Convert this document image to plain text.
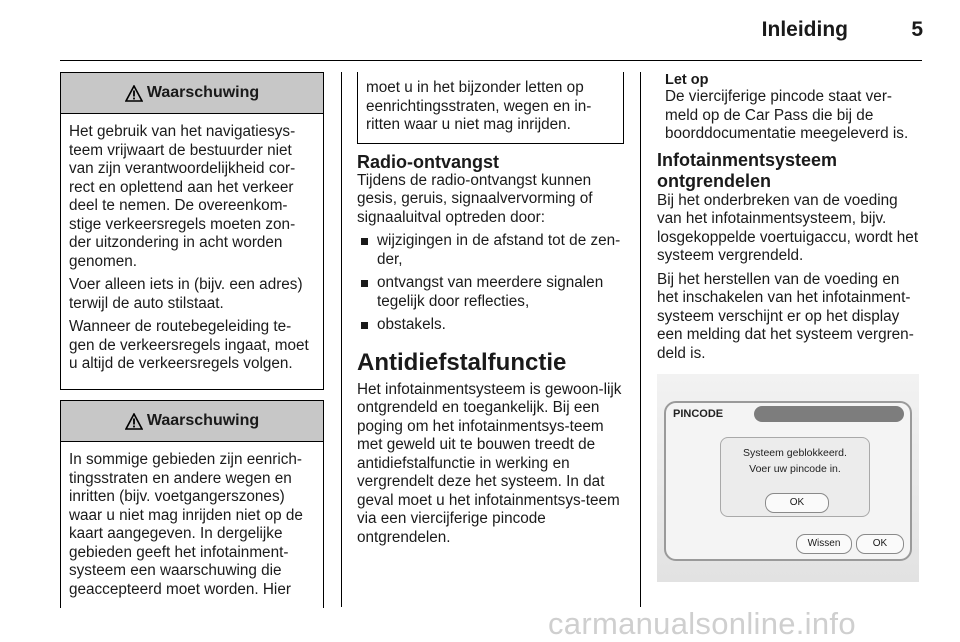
Inleiding	5
Waarschuwing

Het gebruik van het navigatiesys-teem vrijwaart de bestuurder niet van zijn verantwoordelijkheid cor-rect en oplettend aan het verkeer deel te nemen. De overeenkom-stige verkeersregels moeten zon-der uitzondering in acht worden genomen.

Voer alleen iets in (bijv. een adres) terwijl de auto stilstaat.

Wanneer de routebegeleiding te-gen de verkeersregels ingaat, moet u altijd de verkeersregels volgen.

Waarschuwing

In sommige gebieden zijn eenrich-tingsstraten en andere wegen en inritten (bijv. voetgangerszones) waar u niet mag inrijden niet op de kaart aangegeven. In dergelijke gebieden geeft het infotainment-systeem een waarschuwing die geaccepteerd moet worden. Hier

moet u in het bijzonder letten op eenrichtingsstraten, wegen en in-ritten waar u niet mag inrijden.
Radio-ontvangst

Tijdens de radio-ontvangst kunnen gesis, geruis, signaalvervorming of signaaluitval optreden door:

wijzigingen in de afstand tot de zen-der,
ontvangst van meerdere signalen tegelijk door reflecties,
obstakels.
Antidiefstalfunctie

Het infotainmentsysteem is gewoon-lijk ontgrendeld en toegankelijk. Bij een poging om het infotainmentsys-teem met geweld uit te bouwen treedt de antidiefstalfunctie in werking en vergrendelt deze het systeem. In dat geval moet u het infotainmentsys-teem via een viercijferige pincode ontgrendelen.

Let op

De viercijferige pincode staat ver-meld op de Car Pass die bij de boorddocumentatie meegeleverd is.

Infotainmentsysteem
ontgrendelen

Bij het onderbreken van de voeding van het infotainmentsysteem, bijv. losgekoppelde voertuigaccu, wordt het systeem vergrendeld.

Bij het herstellen van de voeding en het inschakelen van het infotainment-systeem verschijnt er op het display een melding dat het systeem vergren-deld is.

PINCODE
Systeem geblokkeerd.
Voer uw pincode in.
OK
Wissen	OK
carmanualsonline.info
